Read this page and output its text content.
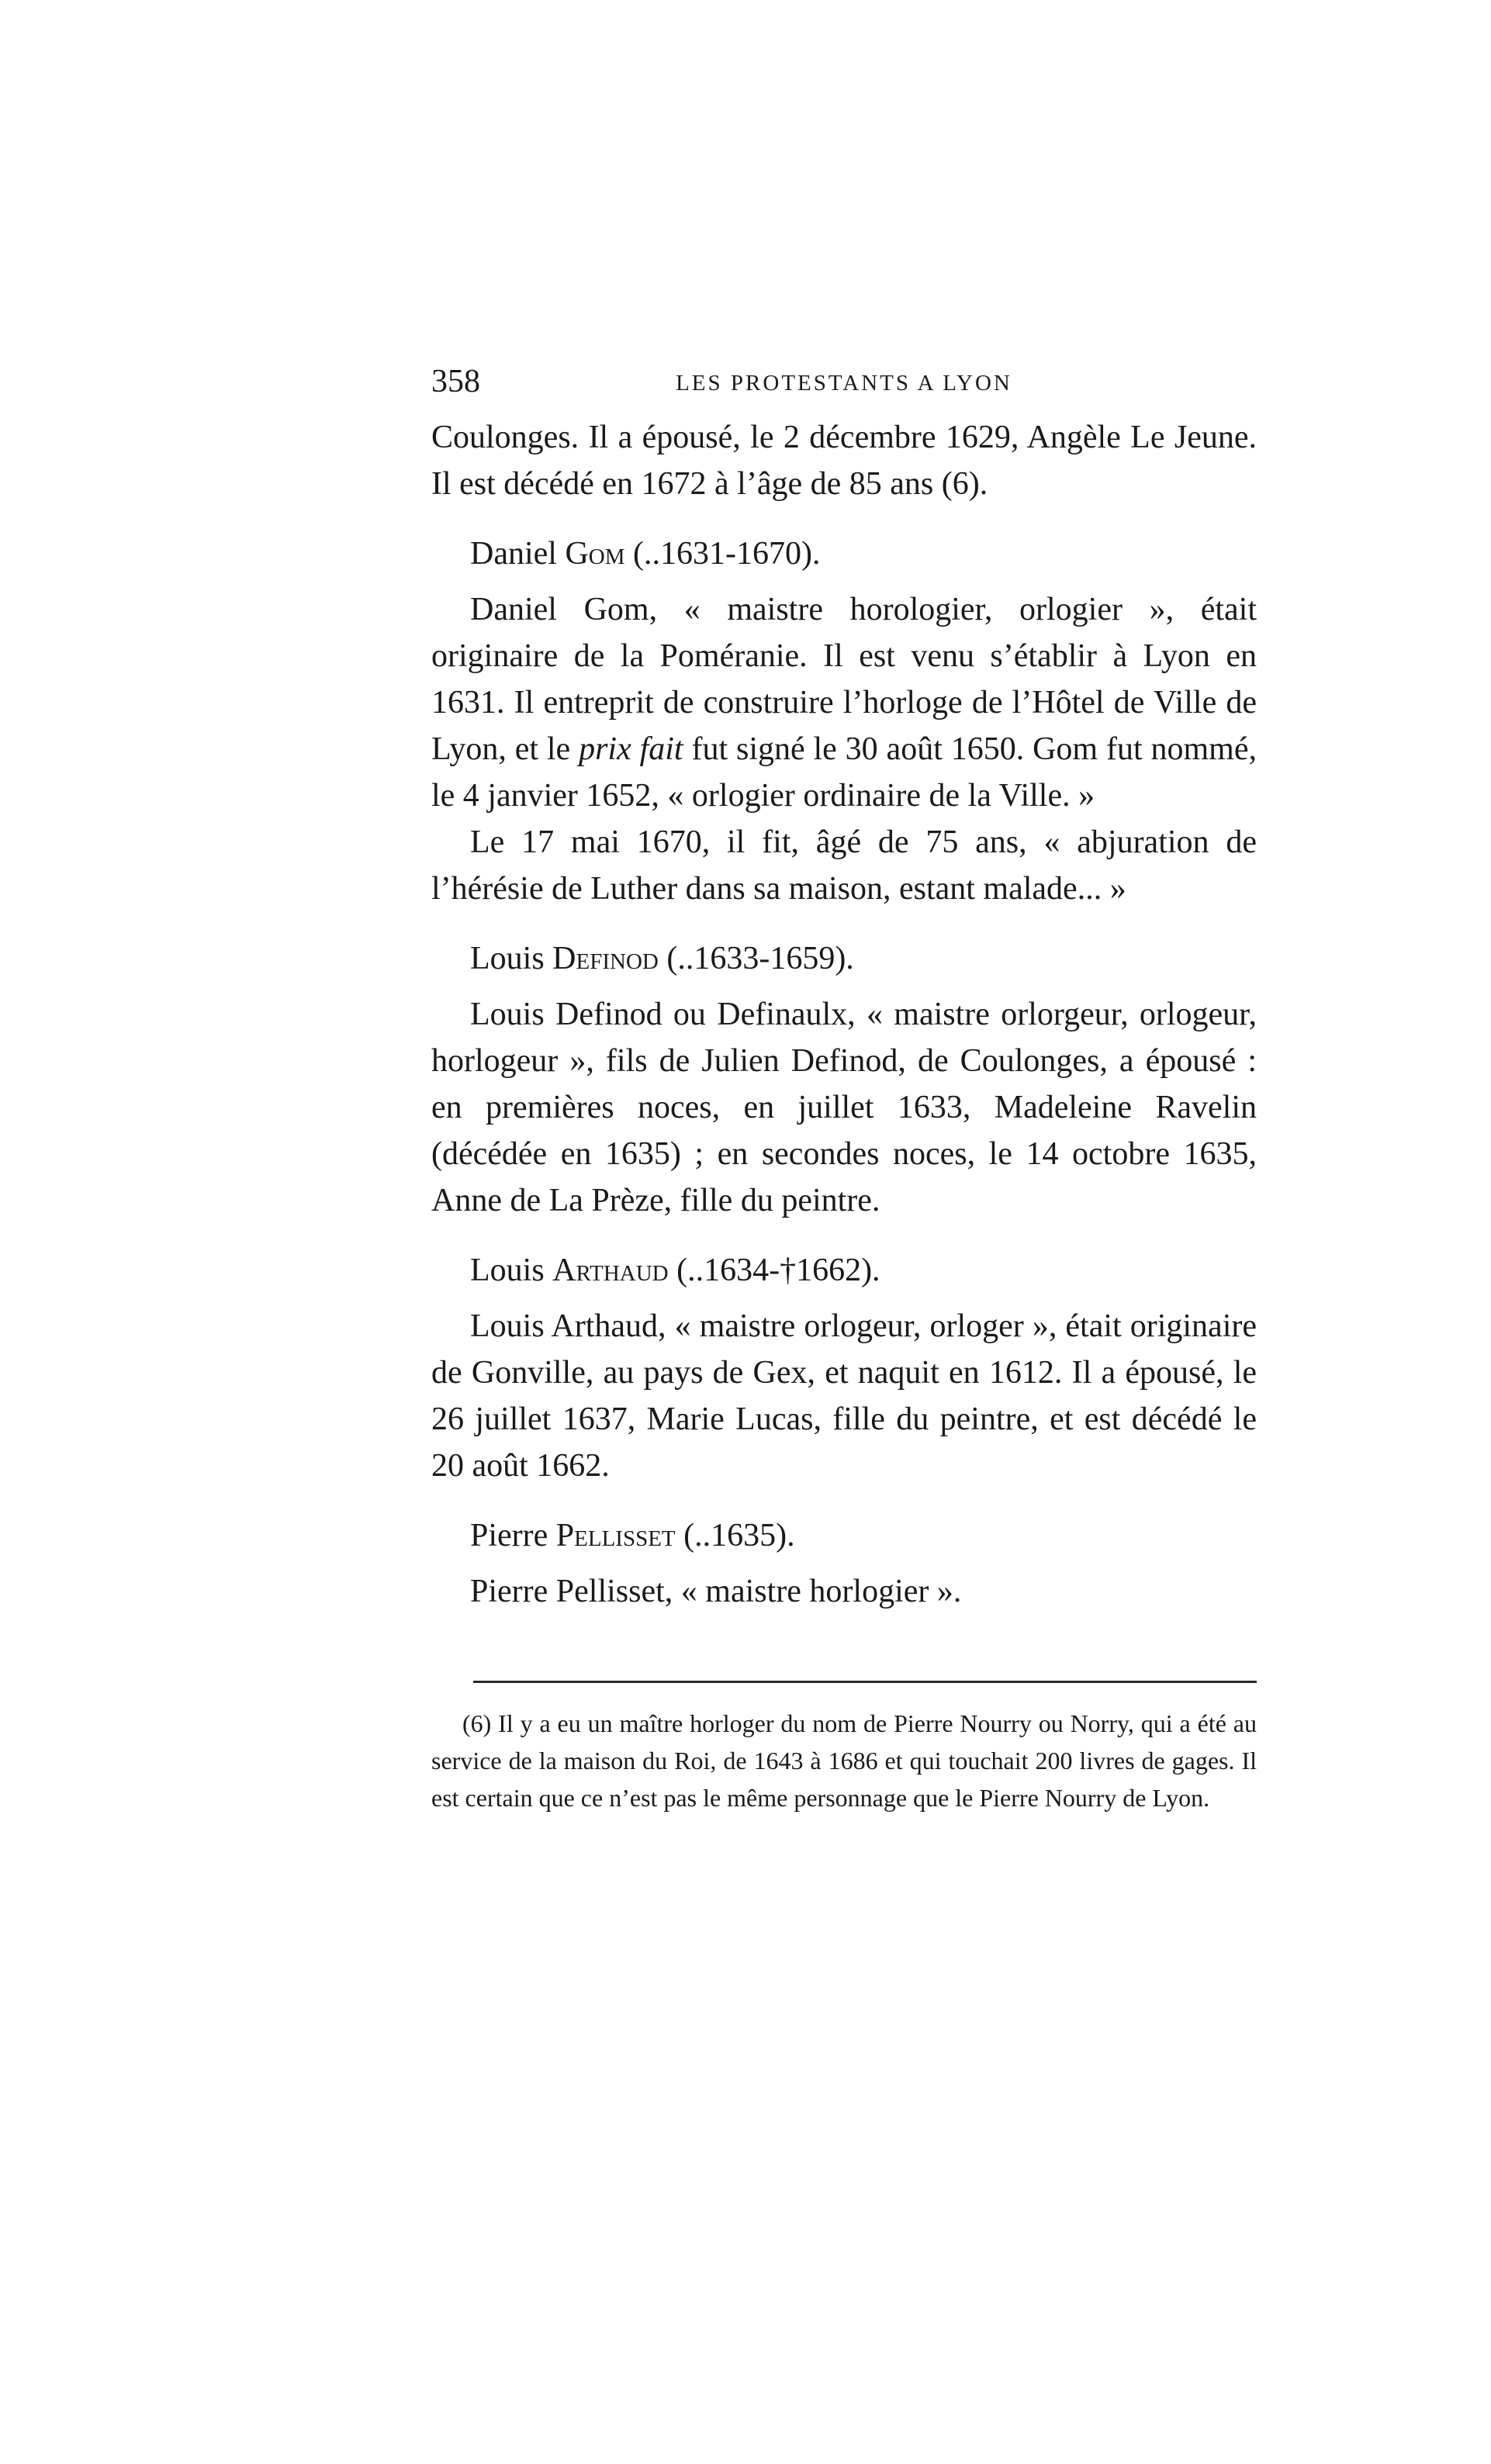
358	LES PROTESTANTS A LYON

Coulonges. Il a épousé, le 2 décembre 1629, Angèle Le Jeune. Il est décédé en 1672 à l’âge de 85 ans (6).

Daniel Gom (..1631-1670).

Daniel Gom, « maistre horologier, orlogier », était originaire de la Poméranie. Il est venu s’établir à Lyon en 1631. Il entreprit de construire l’horloge de l’Hôtel de Ville de Lyon, et le prix fait fut signé le 30 août 1650. Gom fut nommé, le 4 janvier 1652, « orlogier ordinaire de la Ville. »

Le 17 mai 1670, il fit, âgé de 75 ans, « abjuration de l’hérésie de Luther dans sa maison, estant malade... »

Louis Definod (..1633-1659).

Louis Definod ou Definaulx, « maistre orlorgeur, orlogeur, horlogeur », fils de Julien Definod, de Coulonges, a épousé : en premières noces, en juillet 1633, Madeleine Ravelin (décédée en 1635) ; en secondes noces, le 14 octobre 1635, Anne de La Prèze, fille du peintre.

Louis Arthaud (..1634-†1662).

Louis Arthaud, « maistre orlogeur, orloger », était originaire de Gonville, au pays de Gex, et naquit en 1612. Il a épousé, le 26 juillet 1637, Marie Lucas, fille du peintre, et est décédé le 20 août 1662.

Pierre Pellisset (..1635).

Pierre Pellisset, « maistre horlogier ».

(6) Il y a eu un maître horloger du nom de Pierre Nourry ou Norry, qui a été au service de la maison du Roi, de 1643 à 1686 et qui touchait 200 livres de gages. Il est certain que ce n’est pas le même personnage que le Pierre Nourry de Lyon.
